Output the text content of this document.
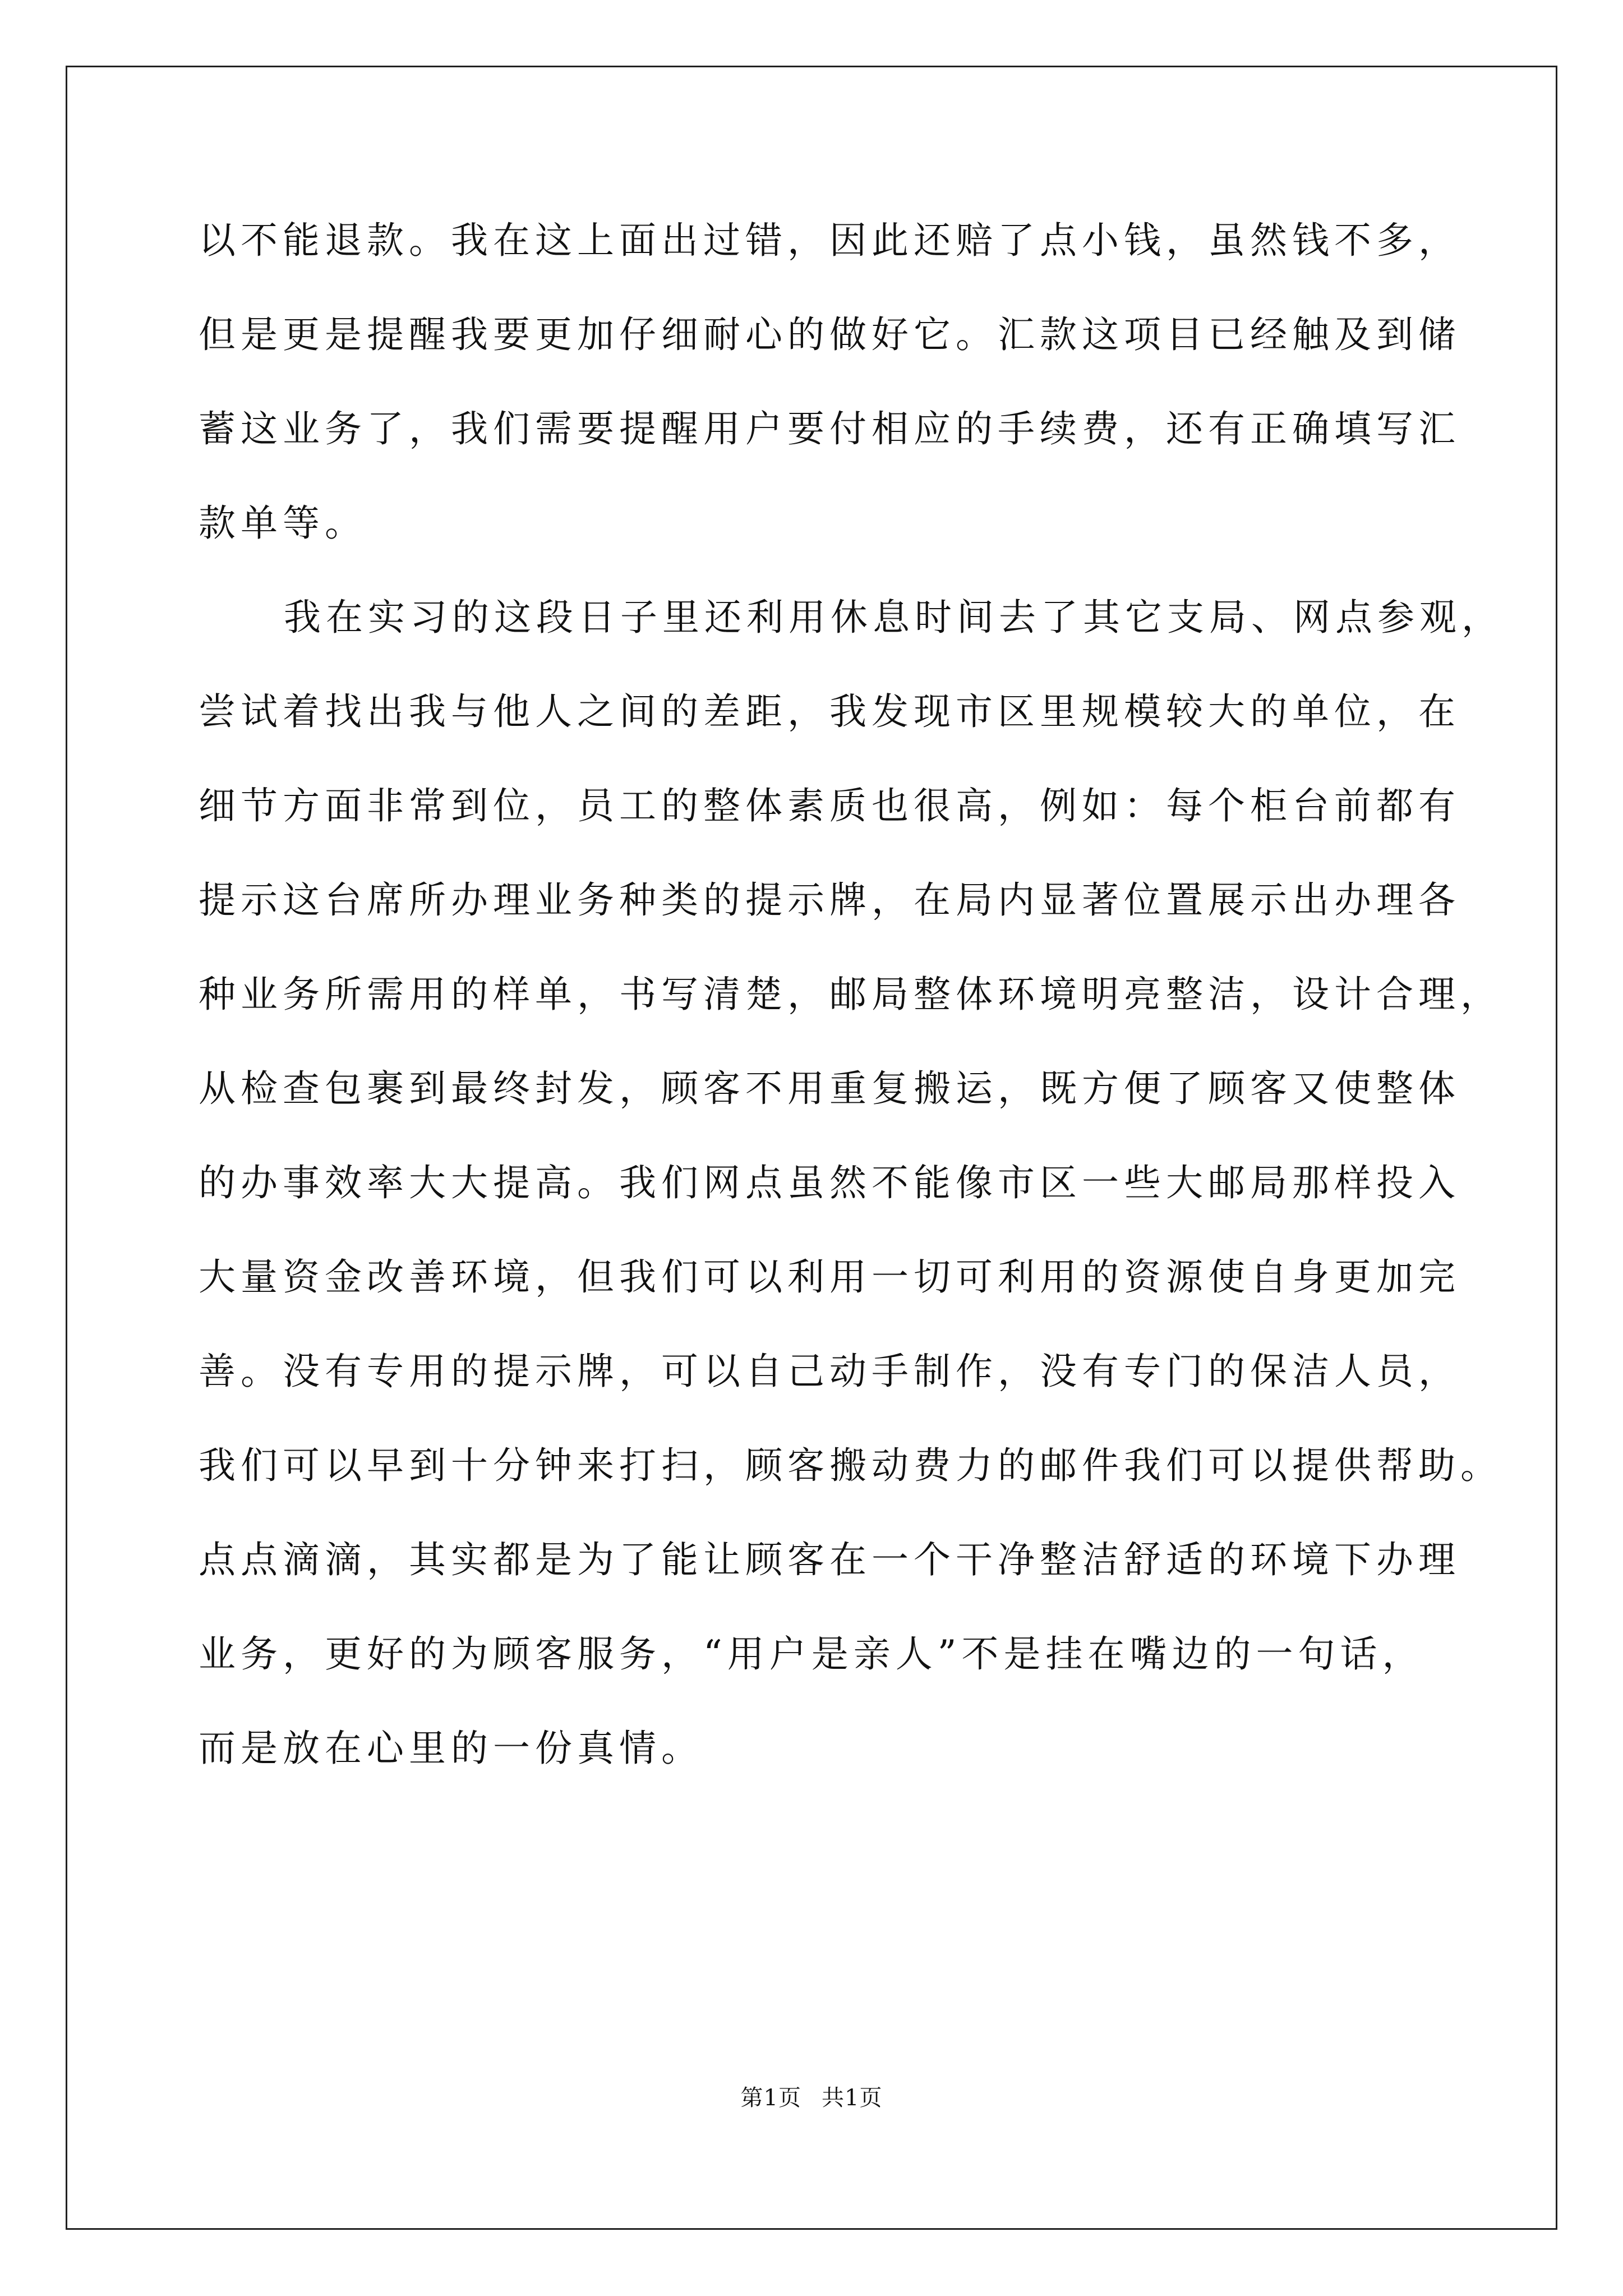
以不能退款。我在这上面出过错，因此还赔了点小钱，虽然钱不多，
但是更是提醒我要更加仔细耐心的做好它。汇款这项目已经触及到储
蓄这业务了，我们需要提醒用户要付相应的手续费，还有正确填写汇
款单等。
我在实习的这段日子里还利用休息时间去了其它支局、网点参观，
尝试着找出我与他人之间的差距，我发现市区里规模较大的单位，在
细节方面非常到位，员工的整体素质也很高，例如：每个柜台前都有
提示这台席所办理业务种类的提示牌，在局内显著位置展示出办理各
种业务所需用的样单，书写清楚，邮局整体环境明亮整洁，设计合理，
从检查包裹到最终封发，顾客不用重复搬运，既方便了顾客又使整体
的办事效率大大提高。我们网点虽然不能像市区一些大邮局那样投入
大量资金改善环境，但我们可以利用一切可利用的资源使自身更加完
善。没有专用的提示牌，可以自己动手制作，没有专门的保洁人员，
我们可以早到十分钟来打扫，顾客搬动费力的邮件我们可以提供帮助。
点点滴滴，其实都是为了能让顾客在一个干净整洁舒适的环境下办理
业务，更好的为顾客服务，“用户是亲人”不是挂在嘴边的一句话，
而是放在心里的一份真情。
第1页 共1页
